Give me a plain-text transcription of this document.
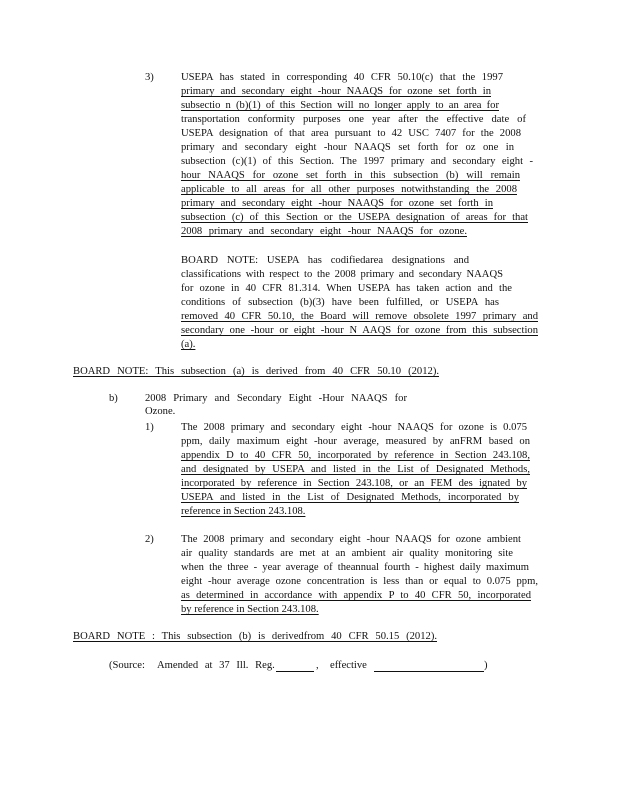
3)	USEPA has stated in corresponding 40 CFR 50.10(c) that the 1997
primary and secondary eight -hour NAAQS for ozone set forth in
subsectio n (b)(1) of this Section will no longer apply to an area for
transportation conformity purposes one year after the effective date of
USEPA designation of that area pursuant to 42 USC 7407 for the 2008
primary and secondary eight -hour NAAQS set forth for oz one in
subsection (c)(1) of this Section. The 1997 primary and secondary eight -
hour NAAQS for ozone set forth in this subsection (b) will remain
applicable to all areas for all other purposes notwithstanding the 2008
primary and secondary eight -hour NAAQS for ozone set forth in
subsection (c) of this Section or the USEPA designation of areas for that
2008 primary and secondary eight -hour NAAQS for ozone.
BOARD NOTE: USEPA has codifiedarea designations and
classifications with respect to the 2008 primary and secondary NAAQS
for ozone in 40 CFR 81.314. When USEPA has taken action and the
conditions of subsection (b)(3) have been fulfilled, or USEPA has
removed 40 CFR 50.10, the Board will remove obsolete 1997 primary and
secondary one -hour or eight -hour N AAQS for ozone from this subsection
(a).
BOARD NOTE: This subsection (a) is derived from 40 CFR 50.10 (2012).
b)	2008 Primary and Secondary Eight -Hour NAAQS for Ozone.
1)	The 2008 primary and secondary eight -hour NAAQS for ozone is 0.075
ppm, daily maximum eight -hour average, measured by anFRM based on
appendix D to 40 CFR 50, incorporated by reference in Section 243.108,
and designated by USEPA and listed in the List of Designated Methods,
incorporated by reference in Section 243.108, or an FEM des ignated by
USEPA and listed in the List of Designated Methods, incorporated by
reference in Section 243.108.
2)	The 2008 primary and secondary eight -hour NAAQS for ozone ambient
air quality standards are met at an ambient air quality monitoring site
when the three - year average of theannual fourth - highest daily maximum
eight -hour average ozone concentration is less than or equal to 0.075 ppm,
as determined in accordance with appendix P to 40 CFR 50, incorporated
by reference in Section 243.108.
BOARD NOTE : This subsection (b) is derivedfrom 40 CFR 50.15 (2012).
(Source: Amended at 37 Ill. Reg.	, effective	)
